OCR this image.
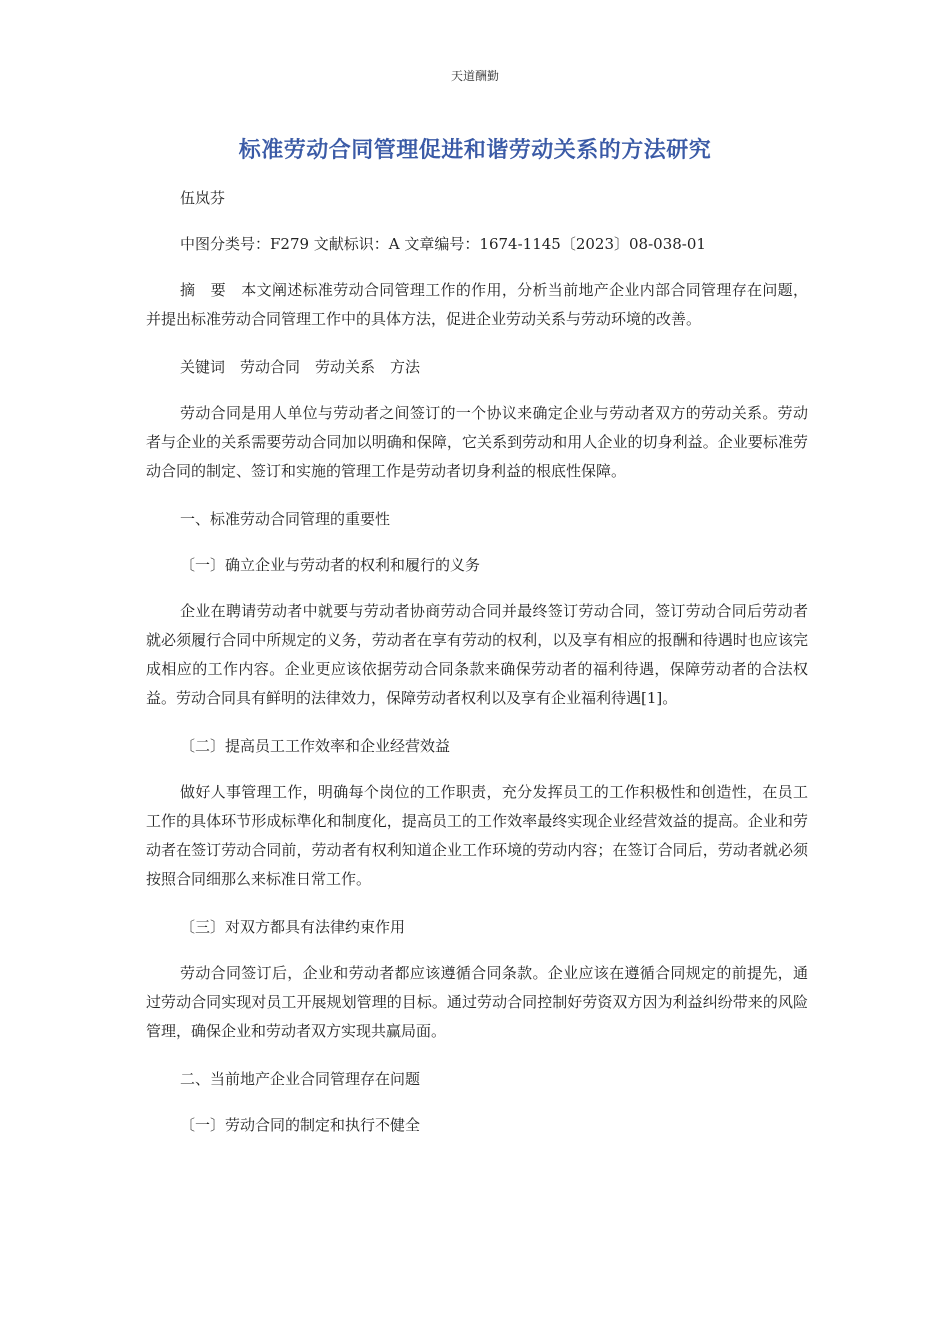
天道酬勤
标准劳动合同管理促进和谐劳动关系的方法研究

伍岚芬

中图分类号：F279 文献标识：A 文章编号：1674-1145〔2023〕08-038-01

摘　要　本文阐述标准劳动合同管理工作的作用，分析当前地产企业内部合同管理存在问题，并提出标准劳动合同管理工作中的具体方法，促进企业劳动关系与劳动环境的改善。

关键词　劳动合同　劳动关系　方法

劳动合同是用人单位与劳动者之间签订的一个协议来确定企业与劳动者双方的劳动关系。劳动者与企业的关系需要劳动合同加以明确和保障，它关系到劳动和用人企业的切身利益。企业要标准劳动合同的制定、签订和实施的管理工作是劳动者切身利益的根底性保障。

一、标准劳动合同管理的重要性

〔一〕确立企业与劳动者的权利和履行的义务

企业在聘请劳动者中就要与劳动者协商劳动合同并最终签订劳动合同，签订劳动合同后劳动者就必须履行合同中所规定的义务，劳动者在享有劳动的权利，以及享有相应的报酬和待遇时也应该完成相应的工作内容。企业更应该依据劳动合同条款来确保劳动者的福利待遇，保障劳动者的合法权益。劳动合同具有鲜明的法律效力，保障劳动者权利以及享有企业福利待遇[1]。

〔二〕提高员工工作效率和企业经营效益

做好人事管理工作，明确每个岗位的工作职责，充分发挥员工的工作积极性和创造性，在员工工作的具体环节形成标準化和制度化，提高员工的工作效率最终实现企业经营效益的提高。企业和劳动者在签订劳动合同前，劳动者有权利知道企业工作环境的劳动内容；在签订合同后，劳动者就必须按照合同细那么来标准日常工作。

〔三〕对双方都具有法律约束作用

劳动合同签订后，企业和劳动者都应该遵循合同条款。企业应该在遵循合同规定的前提先，通过劳动合同实现对员工开展规划管理的目标。通过劳动合同控制好劳资双方因为利益纠纷带来的风险管理，确保企业和劳动者双方实现共赢局面。

二、当前地产企业合同管理存在问题

〔一〕劳动合同的制定和执行不健全
